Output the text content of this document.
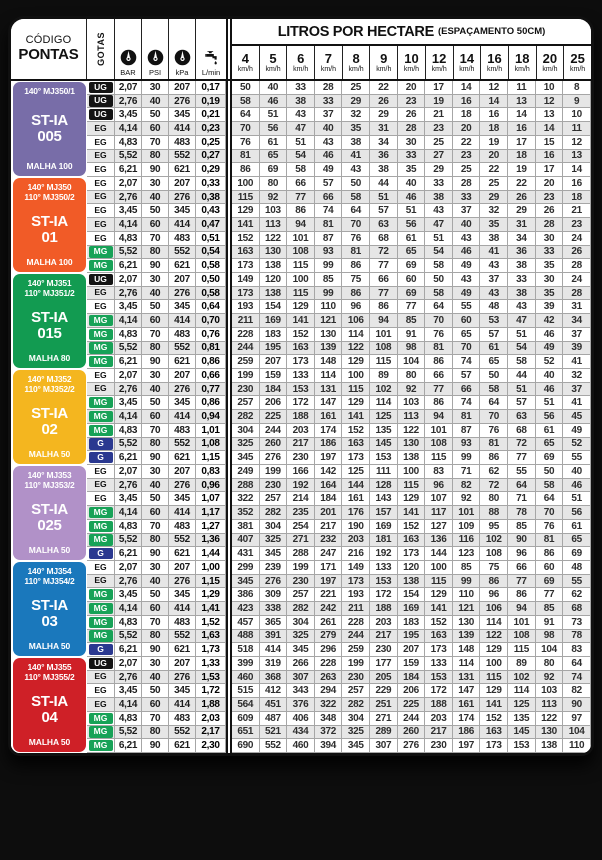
CÓDIGO
PONTAS GOTAS
BAR PSI kPa L/min
LITROS POR HECTARE (ESPAÇAMENTO 50CM)
4
km/h
5
km/h
6
km/h
7
km/h
8
km/h
9
km/h
10
km/h
12
km/h
14
km/h
16
km/h
18
km/h
20
km/h
25
km/h
140° MJ350/1
ST-IA
005
MALHA 100
UG	2,07	30	207	0,17	50	40	33	28	25	22	20	17	14	12	11	10	8
UG	2,76	40	276	0,19	58	46	38	33	29	26	23	19	16	14	13	12	9
UG	3,45	50	345	0,21	64	51	43	37	32	29	26	21	18	16	14	13	10
EG	4,14	60	414	0,23	70	56	47	40	35	31	28	23	20	18	16	14	11
EG	4,83	70	483	0,25	76	61	51	43	38	34	30	25	22	19	17	15	12
EG	5,52	80	552	0,27	81	65	54	46	41	36	33	27	23	20	18	16	13
EG	6,21	90	621	0,29	86	69	58	49	43	38	35	29	25	22	19	17	14
140° MJ350
110° MJ350/2
ST-IA
01
MALHA 100
EG	2,07	30	207	0,33	100	80	66	57	50	44	40	33	28	25	22	20	16
EG	2,76	40	276	0,38	115	92	77	66	58	51	46	38	33	29	26	23	18
EG	3,45	50	345	0,43	129	103	86	74	64	57	51	43	37	32	29	26	21
EG	4,14	60	414	0,47	141	113	94	81	70	63	56	47	40	35	31	28	23
EG	4,83	70	483	0,51	152	122	101	87	76	68	61	51	43	38	34	30	24
MG	5,52	80	552	0,54	163	130	108	93	81	72	65	54	46	41	36	33	26
MG	6,21	90	621	0,58	173	138	115	99	86	77	69	58	49	43	38	35	28
140° MJ351
110° MJ351/2
ST-IA
015
MALHA 80
UG	2,07	30	207	0,50	149	120	100	85	75	66	60	50	43	37	33	30	24
EG	2,76	40	276	0,58	173	138	115	99	86	77	69	58	49	43	38	35	28
EG	3,45	50	345	0,64	193	154	129	110	96	86	77	64	55	48	43	39	31
MG	4,14	60	414	0,70	211	169	141	121	106	94	85	70	60	53	47	42	34
MG	4,83	70	483	0,76	228	183	152	130	114	101	91	76	65	57	51	46	37
MG	5,52	80	552	0,81	244	195	163	139	122	108	98	81	70	61	54	49	39
MG	6,21	90	621	0,86	259	207	173	148	129	115	104	86	74	65	58	52	41
140° MJ352
110° MJ352/2
ST-IA
02
MALHA 50
EG	2,07	30	207	0,66	199	159	133	114	100	89	80	66	57	50	44	40	32
EG	2,76	40	276	0,77	230	184	153	131	115	102	92	77	66	58	51	46	37
MG	3,45	50	345	0,86	257	206	172	147	129	114	103	86	74	64	57	51	41
MG	4,14	60	414	0,94	282	225	188	161	141	125	113	94	81	70	63	56	45
MG	4,83	70	483	1,01	304	244	203	174	152	135	122	101	87	76	68	61	49
G	5,52	80	552	1,08	325	260	217	186	163	145	130	108	93	81	72	65	52
G	6,21	90	621	1,15	345	276	230	197	173	153	138	115	99	86	77	69	55
140° MJ353
110° MJ353/2
ST-IA
025
MALHA 50
EG	2,07	30	207	0,83	249	199	166	142	125	111	100	83	71	62	55	50	40
EG	2,76	40	276	0,96	288	230	192	164	144	128	115	96	82	72	64	58	46
EG	3,45	50	345	1,07	322	257	214	184	161	143	129	107	92	80	71	64	51
MG	4,14	60	414	1,17	352	282	235	201	176	157	141	117	101	88	78	70	56
MG	4,83	70	483	1,27	381	304	254	217	190	169	152	127	109	95	85	76	61
MG	5,52	80	552	1,36	407	325	271	232	203	181	163	136	116	102	90	81	65
G	6,21	90	621	1,44	431	345	288	247	216	192	173	144	123	108	96	86	69
140° MJ354
110° MJ354/2
ST-IA
03
MALHA 50
EG	2,07	30	207	1,00	299	239	199	171	149	133	120	100	85	75	66	60	48
EG	2,76	40	276	1,15	345	276	230	197	173	153	138	115	99	86	77	69	55
MG	3,45	50	345	1,29	386	309	257	221	193	172	154	129	110	96	86	77	62
MG	4,14	60	414	1,41	423	338	282	242	211	188	169	141	121	106	94	85	68
MG	4,83	70	483	1,52	457	365	304	261	228	203	183	152	130	114	101	91	73
MG	5,52	80	552	1,63	488	391	325	279	244	217	195	163	139	122	108	98	78
G	6,21	90	621	1,73	518	414	345	296	259	230	207	173	148	129	115	104	83
140° MJ355
110° MJ355/2
ST-IA
04
MALHA 50
UG	2,07	30	207	1,33	399	319	266	228	199	177	159	133	114	100	89	80	64
EG	2,76	40	276	1,53	460	368	307	263	230	205	184	153	131	115	102	92	74
EG	3,45	50	345	1,72	515	412	343	294	257	229	206	172	147	129	114	103	82
EG	4,14	60	414	1,88	564	451	376	322	282	251	225	188	161	141	125	113	90
MG	4,83	70	483	2,03	609	487	406	348	304	271	244	203	174	152	135	122	97
MG	5,52	80	552	2,17	651	521	434	372	325	289	260	217	186	163	145	130	104
MG	6,21	90	621	2,30	690	552	460	394	345	307	276	230	197	173	153	138	110
